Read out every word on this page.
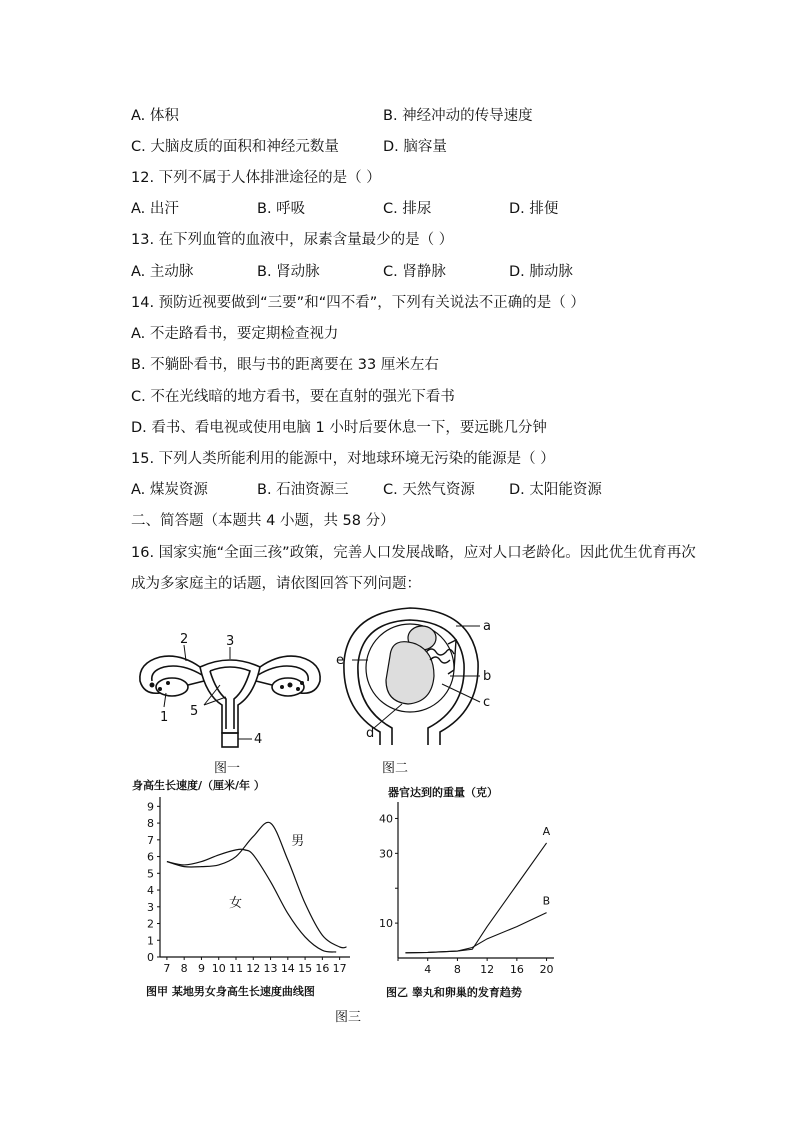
A. 体积	B. 神经冲动的传导速度
C. 大脑皮质的面积和神经元数量	D. 脑容量
12. 下列不属于人体排泄途径的是（ ）
A. 出汗	B. 呼吸	C. 排尿	D. 排便
13. 在下列血管的血液中，尿素含量最少的是（ ）
A. 主动脉	B. 肾动脉	C. 肾静脉	D. 肺动脉
14. 预防近视要做到“三要”和“四不看”，下列有关说法不正确的是（ ）
A. 不走路看书，要定期检查视力
B. 不躺卧看书，眼与书的距离要在 33 厘米左右
C. 不在光线暗的地方看书，要在直射的强光下看书
D. 看书、看电视或使用电脑 1 小时后要休息一下，要远眺几分钟
15. 下列人类所能利用的能源中，对地球环境无污染的能源是（ ）
A. 煤炭资源	B. 石油资源三 C. 天然气资源 D. 太阳能资源
二、简答题（本题共 4 小题，共 58 分）
16. 国家实施“全面三孩”政策，完善人口发展战略，应对人口老龄化。因此优生优育再次
成为多家庭主的话题，请依图回答下列问题：
1
2	3
4
5
图一
a
b
c
d
e
图二
身高生长速度/（厘米/年 ）
0
1
2
3
4
5
6
7
8
9
7 8 9 10 11 12 13 14 15 16 17
男
女
图甲 某地男女身高生长速度曲线图
器官达到的重量（克）
10
30
40
4 8 12 16 20
A
B
图乙 睾丸和卵巢的发育趋势
图三
